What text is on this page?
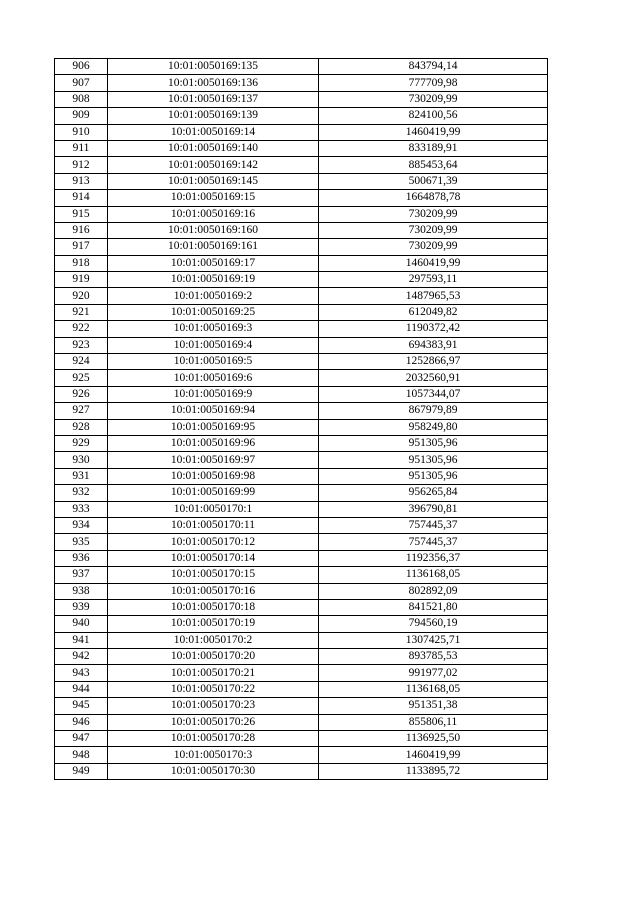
906	10:01:0050169:135	843794,14
907	10:01:0050169:136	777709,98
908	10:01:0050169:137	730209,99
909	10:01:0050169:139	824100,56
910	10:01:0050169:14	1460419,99
911	10:01:0050169:140	833189,91
912	10:01:0050169:142	885453,64
913	10:01:0050169:145	500671,39
914	10:01:0050169:15	1664878,78
915	10:01:0050169:16	730209,99
916	10:01:0050169:160	730209,99
917	10:01:0050169:161	730209,99
918	10:01:0050169:17	1460419,99
919	10:01:0050169:19	297593,11
920	10:01:0050169:2	1487965,53
921	10:01:0050169:25	612049,82
922	10:01:0050169:3	1190372,42
923	10:01:0050169:4	694383,91
924	10:01:0050169:5	1252866,97
925	10:01:0050169:6	2032560,91
926	10:01:0050169:9	1057344,07
927	10:01:0050169:94	867979,89
928	10:01:0050169:95	958249,80
929	10:01:0050169:96	951305,96
930	10:01:0050169:97	951305,96
931	10:01:0050169:98	951305,96
932	10:01:0050169:99	956265,84
933	10:01:0050170:1	396790,81
934	10:01:0050170:11	757445,37
935	10:01:0050170:12	757445,37
936	10:01:0050170:14	1192356,37
937	10:01:0050170:15	1136168,05
938	10:01:0050170:16	802892,09
939	10:01:0050170:18	841521,80
940	10:01:0050170:19	794560,19
941	10:01:0050170:2	1307425,71
942	10:01:0050170:20	893785,53
943	10:01:0050170:21	991977,02
944	10:01:0050170:22	1136168,05
945	10:01:0050170:23	951351,38
946	10:01:0050170:26	855806,11
947	10:01:0050170:28	1136925,50
948	10:01:0050170:3	1460419,99
949	10:01:0050170:30	1133895,72
